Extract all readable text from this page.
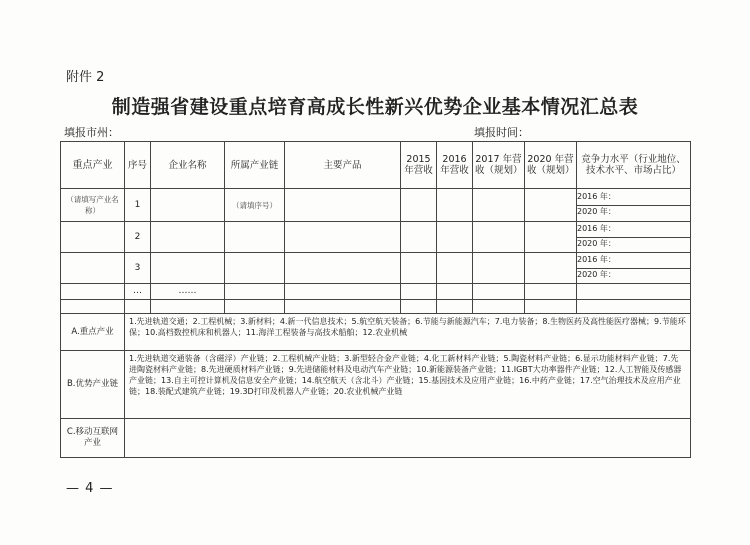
附件 2
制造强省建设重点培育高成长性新兴优势企业基本情况汇总表
填报市州：	填报时间：
重点产业	序号	企业名称	所属产业链	主要产品	2015 年营收	2016年营收	2017 年营收（规划）	2020 年营收（规划）	竞争力水平（行业地位、技术水平、市场占比）
（请填写产业名称）	1		（请填序号）						2016 年：
2020 年：

	2								2016 年：
2020 年：

	3								2016 年：
2020 年：

	…	……							

A.重点产业	1.先进轨道交通；2.工程机械；3.新材料；4.新一代信息技术；5.航空航天装备；6.节能与新能源汽车；7.电力装备；8.生物医药及高性能医疗器械；9.节能环保；10.高档数控机床和机器人；11.海洋工程装备与高技术船舶；12.农业机械								
B.优势产业链	1.先进轨道交通装备（含磁浮）产业链；2.工程机械产业链；3.新型轻合金产业链；4.化工新材料产业链；5.陶瓷材料产业链；6.显示功能材料产业链；7.先进陶瓷材料产业链；8.先进硬质材料产业链；9.先进储能材料及电动汽车产业链；10.新能源装备产业链；11.IGBT大功率器件产业链；12.人工智能及传感器产业链；13.自主可控计算机及信息安全产业链；14.航空航天（含北斗）产业链；15.基因技术及应用产业链；16.中药产业链；17.空气治理技术及应用产业链；18.装配式建筑产业链；19.3D打印及机器人产业链；20.农业机械产业链								
C.移动互联网产业									
— 4 —
